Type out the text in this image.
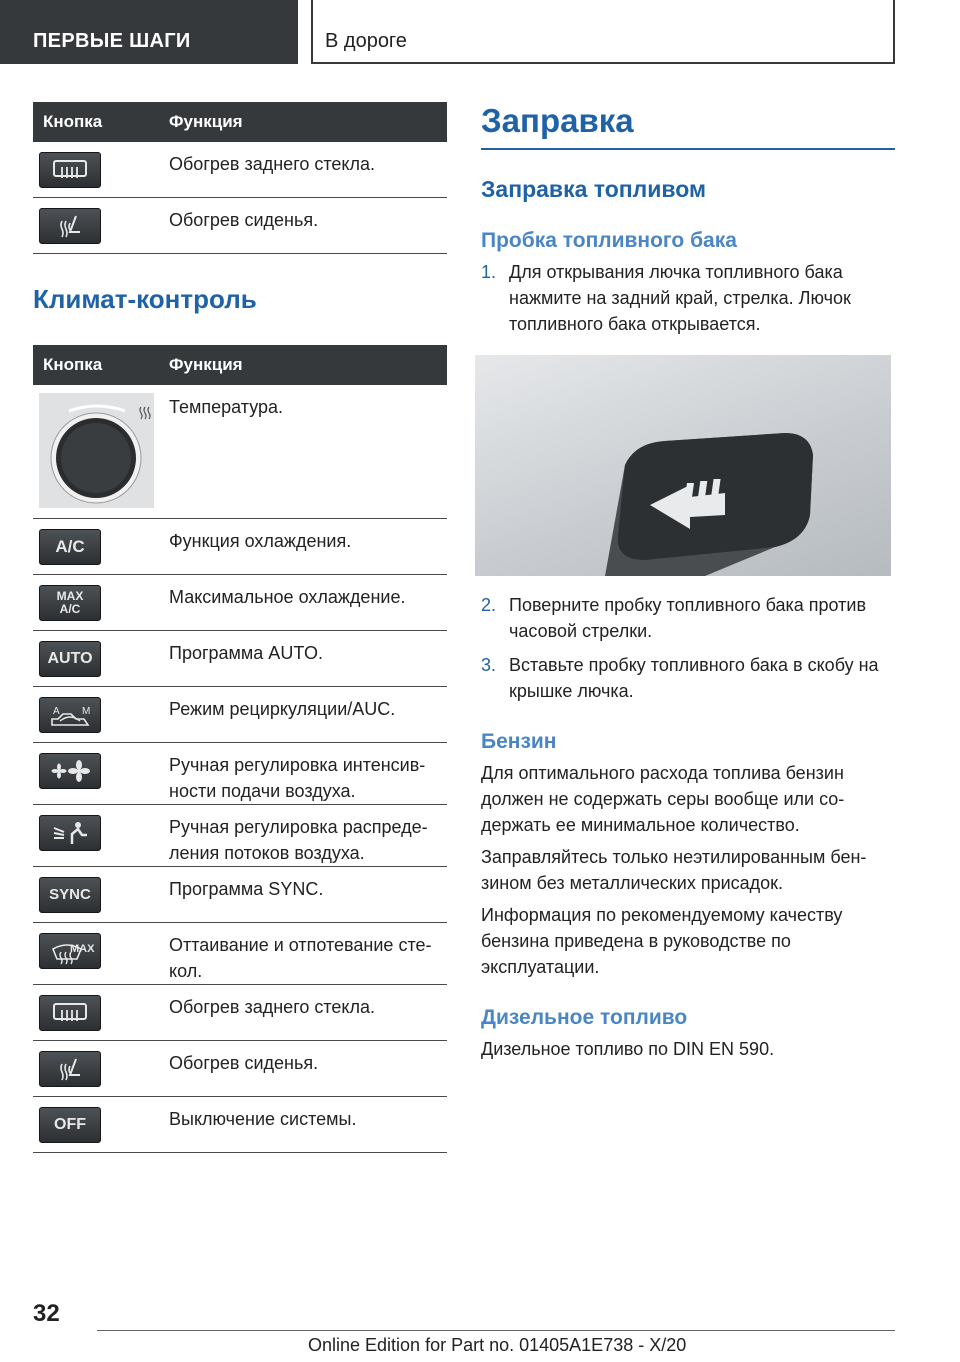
ПЕРВЫЕ ШАГИ	В дороге
Кнопка	Функция

	Обогрев заднего стекла.

	Обогрев сиденья.
Климат-контроль
Кнопка	Функция

	Температура.

A/C	Функция охлаждения.

MAX
A/C	Максимальное охлаждение.

AUTO	Программа AUTO.

A M	Режим рециркуляции/AUC.

	Ручная регулировка интенсив-ности подачи воздуха.

	Ручная регулировка распреде-ления потоков воздуха.

SYNC	Программа SYNC.

MAX	Оттаивание и отпотевание сте-кол.

	Обогрев заднего стекла.

	Обогрев сиденья.

OFF	Выключение системы.
Заправка
Заправка топливом
Пробка топливного бака
1. Для открывания лючка топливного бака нажмите на задний край, стрелка. Лючок топливного бака открывается.
2. Поверните пробку топливного бака против часовой стрелки.
3. Вставьте пробку топливного бака в скобу на крышке лючка.
Бензин

Для оптимального расхода топлива бензин должен не содержать серы вообще или со-держать ее минимальное количество.

Заправляйтесь только неэтилированным бен-зином без металлических присадок.

Информация по рекомендуемому качеству бензина приведена в руководстве по эксплуатации.

Дизельное топливо

Дизельное топливо по DIN EN 590.

32
Online Edition for Part no. 01405A1E738 - X/20
